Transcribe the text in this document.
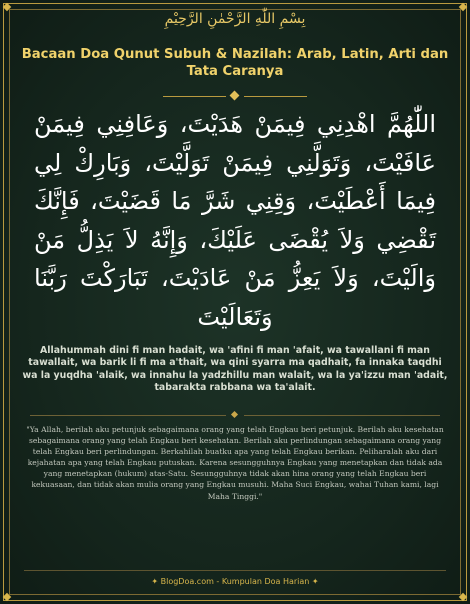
بِسْمِ اللّٰهِ الرَّحْمٰنِ الرَّحِيْمِ
Bacaan Doa Qunut Subuh & Nazilah: Arab, Latin, Arti dan Tata Caranya
اللّٰهُمَّ اهْدِنِي فِيمَنْ هَدَيْتَ، وَعَافِنِي فِيمَنْ عَافَيْتَ، وَتَوَلَّنِي فِيمَنْ تَوَلَّيْتَ، وَبَارِكْ لِي فِيمَا أَعْطَيْتَ، وَقِنِي شَرَّ مَا قَضَيْتَ، فَإِنَّكَ تَقْضِي وَلاَ يُقْضَى عَلَيْكَ، وَإِنَّهُ لاَ يَذِلُّ مَنْ وَالَيْتَ، وَلاَ يَعِزُّ مَنْ عَادَيْتَ، تَبَارَكْتَ رَبَّنَا وَتَعَالَيْتَ
Allahummah dini fi man hadait, wa 'afini fi man 'afait, wa tawallani fi man tawallait, wa barik li fi ma a'thait, wa qini syarra ma qadhait, fa innaka taqdhi wa la yuqdha 'alaik, wa innahu la yadzhillu man walait, wa la ya'izzu man 'adait, tabarakta rabbana wa ta'alait.
"Ya Allah, berilah aku petunjuk sebagaimana orang yang telah Engkau beri petunjuk. Berilah aku kesehatan sebagaimana orang yang telah Engkau beri kesehatan. Berilah aku perlindungan sebagaimana orang yang telah Engkau beri perlindungan. Berkahilah buatku apa yang telah Engkau berikan. Peliharalah aku dari kejahatan apa yang telah Engkau putuskan. Karena sesungguhnya Engkau yang menetapkan dan tidak ada yang menetapkan (hukum) atas-Satu. Sesungguhnya tidak akan hina orang yang telah Engkau beri kekuasaan, dan tidak akan mulia orang yang Engkau musuhi. Maha Suci Engkau, wahai Tuhan kami, lagi Maha Tinggi."
✦ BlogDoa.com - Kumpulan Doa Harian ✦
